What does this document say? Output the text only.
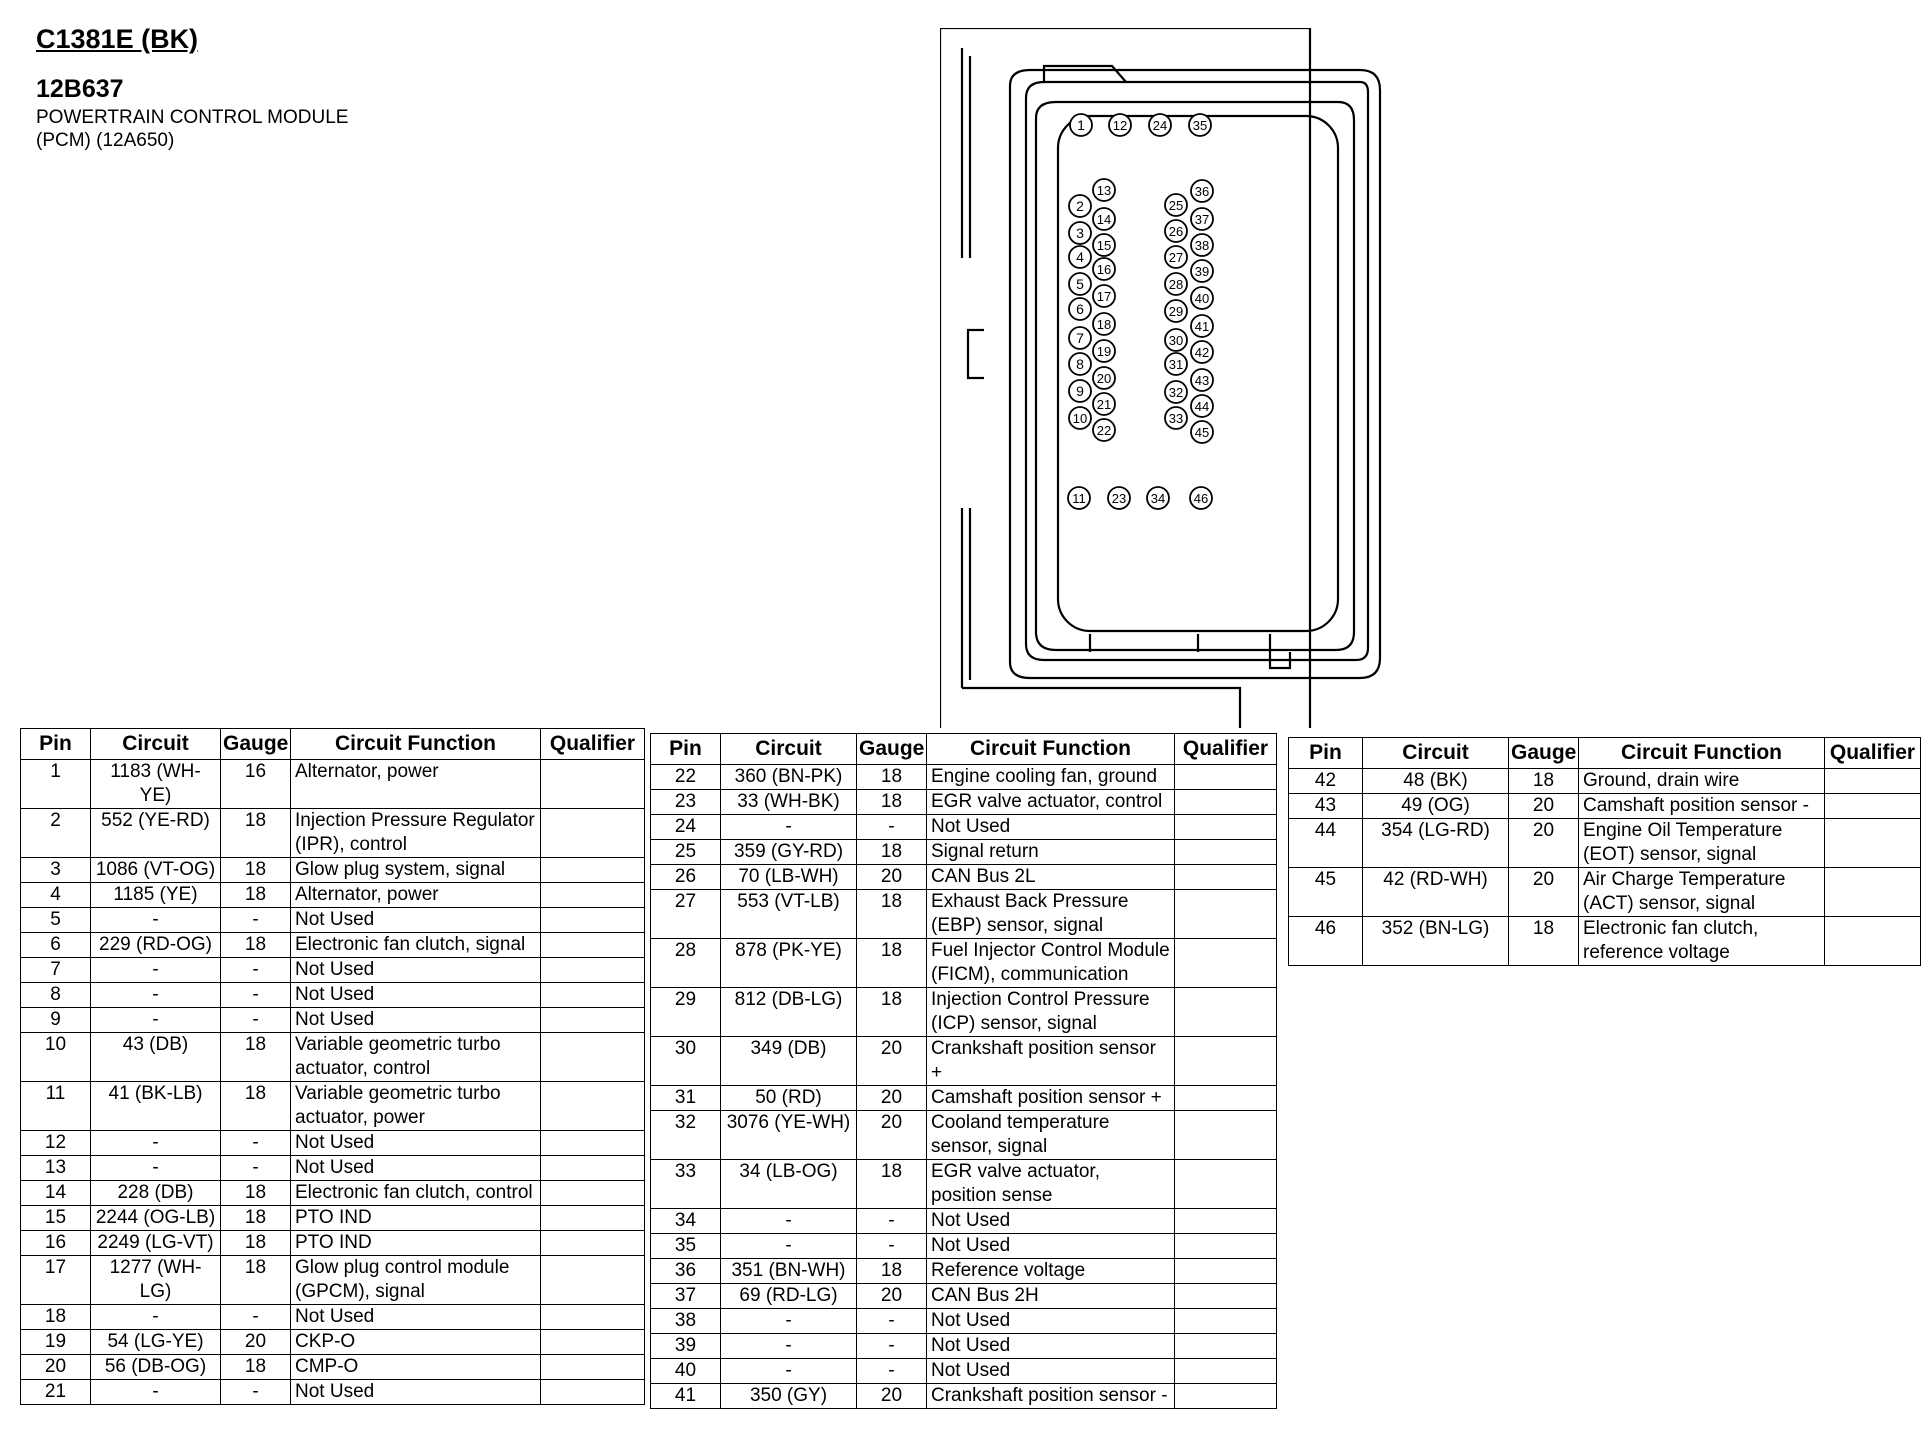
C1381E (BK)
12B637
POWERTRAIN CONTROL MODULE
(PCM) (12A650)
1 12 24 35
13	36
2
14
25
37
3
15
26
38
4
16
27
39
5
17
28
40
6
18
29
41
7
19
30
42
8
20
31
43
9
21
32
44
10
22
33
45
11 23 34 46
Pin	Circuit	Gauge	Circuit Function	Qualifier
1	1183 (WH-YE)	16	Alternator, power	
2	552 (YE-RD)	18	Injection Pressure Regulator (IPR), control	
3	1086 (VT-OG)	18	Glow plug system, signal	
4	1185 (YE)	18	Alternator, power	
5	-	-	Not Used	
6	229 (RD-OG)	18	Electronic fan clutch, signal	
7	-	-	Not Used	
8	-	-	Not Used	
9	-	-	Not Used	
10	43 (DB)	18	Variable geometric turbo actuator, control	
11	41 (BK-LB)	18	Variable geometric turbo actuator, power	
12	-	-	Not Used	
13	-	-	Not Used	
14	228 (DB)	18	Electronic fan clutch, control	
15	2244 (OG-LB)	18	PTO IND	
16	2249 (LG-VT)	18	PTO IND	
17	1277 (WH-LG)	18	Glow plug control module (GPCM), signal	
18	-	-	Not Used	
19	54 (LG-YE)	20	CKP-O	
20	56 (DB-OG)	18	CMP-O	
21	-	-	Not Used	
Pin	Circuit	Gauge	Circuit Function	Qualifier
22	360 (BN-PK)	18	Engine cooling fan, ground	
23	33 (WH-BK)	18	EGR valve actuator, control	
24	-	-	Not Used	
25	359 (GY-RD)	18	Signal return	
26	70 (LB-WH)	20	CAN Bus 2L	
27	553 (VT-LB)	18	Exhaust Back Pressure (EBP) sensor, signal	
28	878 (PK-YE)	18	Fuel Injector Control Module (FICM), communication	
29	812 (DB-LG)	18	Injection Control Pressure (ICP) sensor, signal	
30	349 (DB)	20	Crankshaft position sensor +	
31	50 (RD)	20	Camshaft position sensor +	
32	3076 (YE-WH)	20	Cooland temperature sensor, signal	
33	34 (LB-OG)	18	EGR valve actuator, position sense	
34	-	-	Not Used	
35	-	-	Not Used	
36	351 (BN-WH)	18	Reference voltage	
37	69 (RD-LG)	20	CAN Bus 2H	
38	-	-	Not Used	
39	-	-	Not Used	
40	-	-	Not Used	
41	350 (GY)	20	Crankshaft position sensor -	
Pin	Circuit	Gauge	Circuit Function	Qualifier
42	48 (BK)	18	Ground, drain wire	
43	49 (OG)	20	Camshaft position sensor -	
44	354 (LG-RD)	20	Engine Oil Temperature (EOT) sensor, signal	
45	42 (RD-WH)	20	Air Charge Temperature (ACT) sensor, signal	
46	352 (BN-LG)	18	Electronic fan clutch, reference voltage	
